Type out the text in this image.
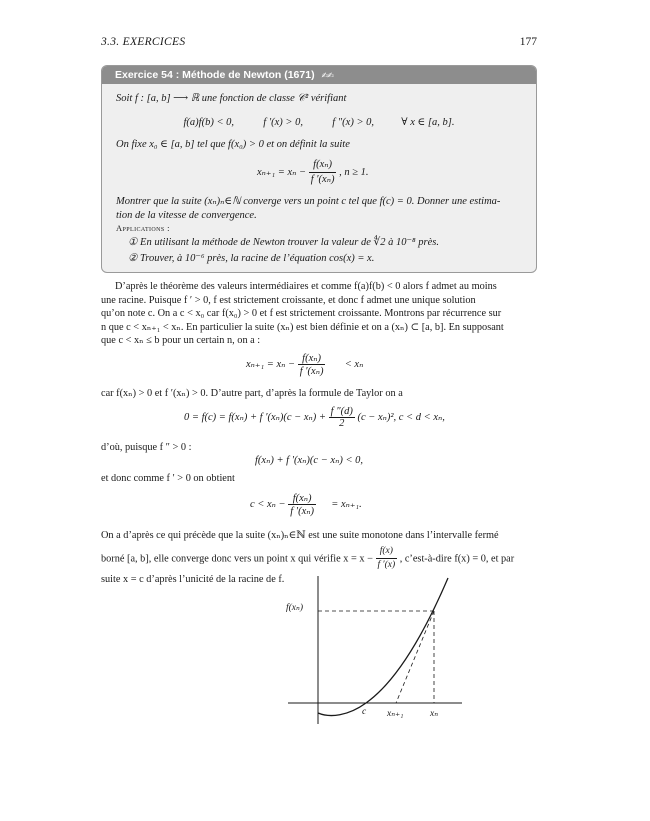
3.3. EXERCICES	177
Exercice 54 : Méthode de Newton (1671) ✍✍
Soit f : [a, b] ⟶ ℝ une fonction de classe 𝒞² vérifiant
f(a)f(b) < 0,	f ′(x) > 0,	f ″(x) > 0,	∀ x ∈ [a, b].
On fixe x₀ ∈ [a, b] tel que f(x₀) > 0 et on définit la suite
$x_{n+1} = x_n - \frac{\text{f(xₙ)}}{\text{f ′(xₙ)}}$ , n ≥ 1.
Montrer que la suite (xₙ)ₙ∈ℕ converge vers un point c tel que f(c) = 0. Donner une estima-
tion de la vitesse de convergence.
Applications :
① En utilisant la méthode de Newton trouver la valeur de ∜2 à 10⁻⁸ près.
② Trouver, à 10⁻⁶ près, la racine de l’équation cos(x) = x.
D’après le théorème des valeurs intermédiaires et comme f(a)f(b) < 0 alors f admet au moins
une racine. Puisque f ′ > 0, f est strictement croissante, et donc f admet une unique solution
qu’on note c. On a c < x₀ car f(x₀) > 0 et f est strictement croissante. Montrons par récurrence sur
n que c < xₙ₊₁ < xₙ. En particulier la suite (xₙ) est bien définie et on a (xₙ) ⊂ [a, b]. En supposant
que c < xₙ ≤ b pour un certain n, on a :
$x_{n+1} = x_n - \frac{\text{f(xₙ)}}{\text{f ′(xₙ)}} < x_n$
car f(xₙ) > 0 et f ′(xₙ) > 0. D’autre part, d’après la formule de Taylor on a
0 = f(c) = f(xₙ) + f $'(x_n)(c - x_n) + \frac{f ''(d)}{2} (c - x_n)^2$, c < d < xₙ,
d’où, puisque f ″ > 0 :
f(xₙ) + f ′(xₙ)(c − xₙ) < 0,
et donc comme f ′ > 0 on obtient
$c < x_n - \frac{\text{f(xₙ)}}{\text{f ′(xₙ)}} = x_{n+1}$.
On a d’après ce qui précède que la suite (xₙ)ₙ∈ℕ est une suite monotone dans l’intervalle fermé
borné [a, b], elle converge donc vers un point x qui vérifie $x = x - \frac{f(x)}{f '(x)}$ , c’est-à-dire f(x) = 0, et par
suite x = c d’après l’unicité de la racine de f.
f(xₙ)
c xₙ₊₁	xₙ
